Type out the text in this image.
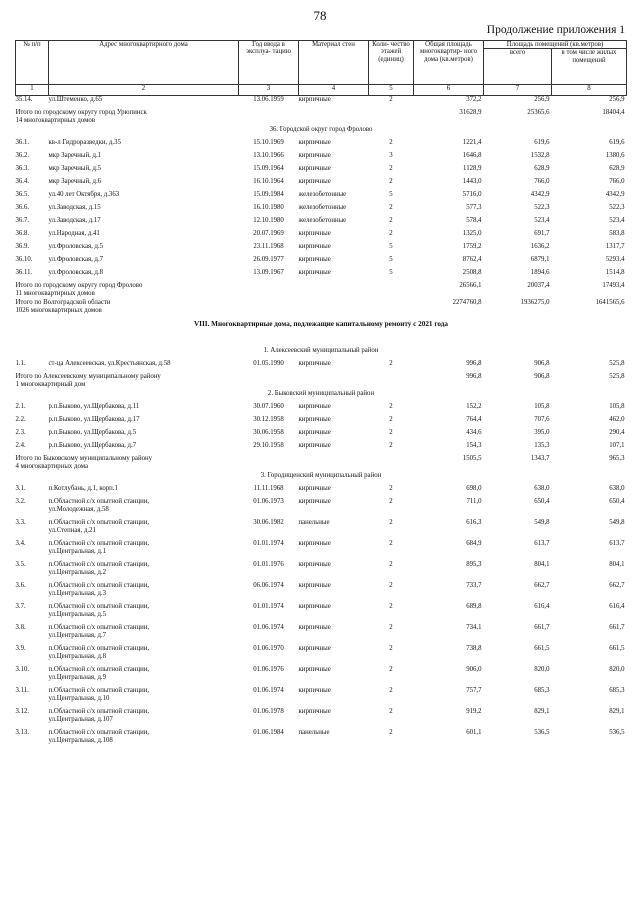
78
Продолжение приложения 1
№ п/п	Адрес многоквартирного дома	Год ввода в эксплуа- тацию	Материал стен	Коли- чество этажей (единиц)	Общая площадь многоквартир- ного дома (кв.метров)	Площадь помещений (кв.метров)	
						всего	в том числе жилых помещений
1	2	3	4	5	6	7	8
35.14.	ул.Штеменко, д.65	13.06.1959	кирпичные	2	372,2	256,9	256,9
Итого по городскому округу город Урюпинск
14 многоквартирных домов					31628,9	25365,6	18404,4
36. Городской округ город Фролово							
36.1.	кв-л Гидроразведки, д.35	15.10.1969	кирпичные	2	1221,4	619,6	619,6
36.2.	мкр Заречный, д.1	13.10.1966	кирпичные	3	1646,8	1532,8	1380,6
36.3.	мкр Заречный, д.5	15.09.1964	кирпичные	2	1128,9	628,9	628,9
36.4.	мкр Заречный, д.6	16.10.1964	кирпичные	2	1443,0	766,0	766,0
36.5.	ул.40 лет Октября, д.363	15.09.1984	железобетонные	5	5716,0	4342,9	4342,9
36.6.	ул.Заводская, д.15	16.10.1980	железобетонные	2	577,3	522,3	522,3
36.7.	ул.Заводская, д.17	12.10.1980	железобетонные	2	578,4	523,4	523,4
36.8.	ул.Народная, д.41	20.07.1969	кирпичные	2	1325,0	691,7	583,8
36.9.	ул.Фроловская, д.5	23.11.1968	кирпичные	5	1759,2	1636,2	1317,7
36.10.	ул.Фроловская, д.7	26.09.1977	кирпичные	5	8762,4	6879,1	5293,4
36.11.	ул.Фроловская, д.8	13.09.1967	кирпичные	5	2508,8	1894,6	1514,8
Итого по городскому округу город Фролово
11 многоквартирных домов					26566,1	20037,4	17493,4
Итого по Волгоградской области
1026 многоквартирных домов					2274760,8	1936275,0	1641565,6
VIII. Многоквартирные дома, подлежащие капитальному ремонту с 2021 года							
1. Алексеевский муниципальный район							
1.1.	ст-ца Алексеевская, ул.Крестьянская, д.58	01.05.1990	кирпичные	2	996,8	906,8	525,8
Итого по Алексеевскому муниципальному району
1 многоквартирный дом					996,8	906,8	525,8
2. Быковский муниципальный район							
2.1.	р.п.Быково, ул.Щербакова, д.11	30.07.1960	кирпичные	2	152,2	105,8	105,8
2.2.	р.п.Быково, ул.Щербакова, д.17	30.12.1958	кирпичные	2	764,4	707,6	462,0
2.3.	р.п.Быково, ул.Щербакова, д.5	30.06.1958	кирпичные	2	434,6	395,0	290,4
2.4.	р.п.Быково, ул.Щербакова, д.7	29.10.1958	кирпичные	2	154,3	135,3	107,1
Итого по Быковскому муниципальному району
4 многоквартирных дома					1505,5	1343,7	965,3
3. Городищенский муниципальный район							
3.1.	п.Котлубань, д.1, корп.1	11.11.1968	кирпичные	2	698,0	638,0	638,0
3.2.	п.Областной с/х опытной станции,
ул.Молодежная, д.58	01.06.1973	кирпичные	2	711,0	650,4	650,4
3.3.	п.Областной с/х опытной станции,
ул.Степная, д.21	30.06.1982	панельные	2	616,3	549,8	549,8
3.4.	п.Областной с/х опытной станции,
ул.Центральная, д.1	01.01.1974	кирпичные	2	684,9	613,7	613,7
3.5.	п.Областной с/х опытной станции,
ул.Центральная, д.2	01.01.1976	кирпичные	2	895,3	804,1	804,1
3.6.	п.Областной с/х опытной станции,
ул.Центральная, д.3	06.06.1974	кирпичные	2	733,7	662,7	662,7
3.7.	п.Областной с/х опытной станции,
ул.Центральная, д.5	01.01.1974	кирпичные	2	689,8	616,4	616,4
3.8.	п.Областной с/х опытной станции,
ул.Центральная, д.7	01.06.1974	кирпичные	2	734,1	661,7	661,7
3.9.	п.Областной с/х опытной станции,
ул.Центральная, д.8	01.06.1970	кирпичные	2	738,8	661,5	661,5
3.10.	п.Областной с/х опытной станции,
ул.Центральная, д.9	01.06.1976	кирпичные	2	906,0	820,0	820,0
3.11.	п.Областной с/х опытной станции,
ул.Центральная, д.10	01.06.1974	кирпичные	2	757,7	685,3	685,3
3.12.	п.Областной с/х опытной станции,
ул.Центральная, д.107	01.06.1978	кирпичные	2	919,2	829,1	829,1
3.13.	п.Областной с/х опытной станции,
ул.Центральная, д.108	01.06.1984	панельные	2	601,1	536,5	536,5
